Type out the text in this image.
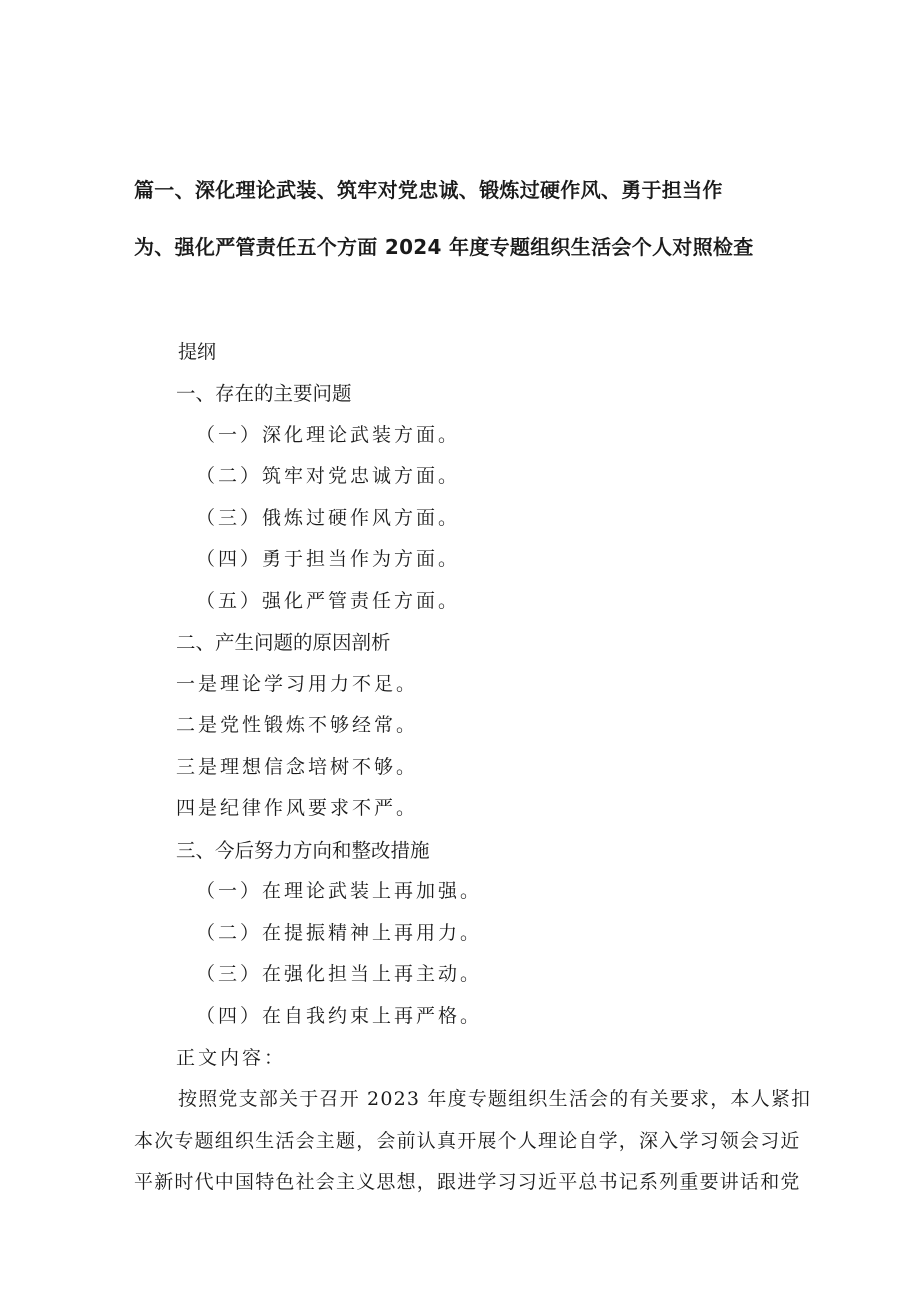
篇一、深化理论武装、筑牢对党忠诚、锻炼过硬作风、勇于担当作
为、强化严管责任五个方面 2024 年度专题组织生活会个人对照检查
提纲
一、存在的主要问题
（一）深化理论武装方面。
（二）筑牢对党忠诚方面。
（三）俄炼过硬作风方面。
（四）勇于担当作为方面。
（五）强化严管责任方面。
二、产生问题的原因剖析
一是理论学习用力不足。
二是党性锻炼不够经常。
三是理想信念培树不够。
四是纪律作风要求不严。
三、今后努力方向和整改措施
（一）在理论武装上再加强。
（二）在提振精神上再用力。
（三）在强化担当上再主动。
（四）在自我约束上再严格。
正文内容：
按照党支部关于召开 2023 年度专题组织生活会的有关要求，本人紧扣
本次专题组织生活会主题，会前认真开展个人理论自学，深入学习领会习近
平新时代中国特色社会主义思想，跟进学习习近平总书记系列重要讲话和党
